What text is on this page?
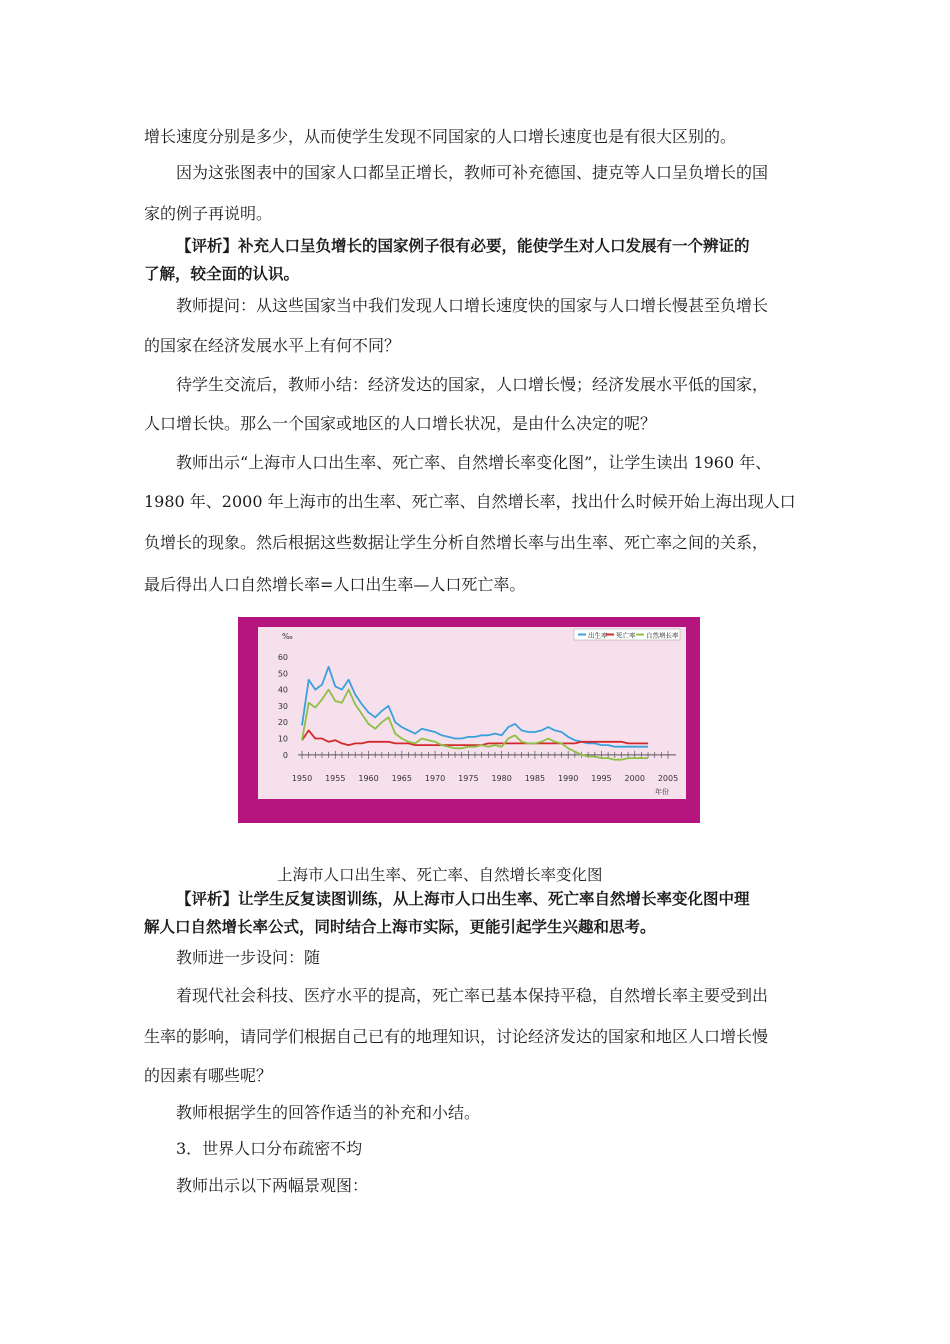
增长速度分别是多少，从而使学生发现不同国家的人口增长速度也是有很大区别的。
因为这张图表中的国家人口都呈正增长，教师可补充德国、捷克等人口呈负增长的国
家的例子再说明。
【评析】补充人口呈负增长的国家例子很有必要，能使学生对人口发展有一个辨证的
了解，较全面的认识。
教师提问：从这些国家当中我们发现人口增长速度快的国家与人口增长慢甚至负增长
的国家在经济发展水平上有何不同？
待学生交流后，教师小结：经济发达的国家，人口增长慢；经济发展水平低的国家，
人口增长快。那么一个国家或地区的人口增长状况，是由什么决定的呢？
教师出示“上海市人口出生率、死亡率、自然增长率变化图”，让学生读出 1960 年、
1980 年、2000 年上海市的出生率、死亡率、自然增长率，找出什么时候开始上海出现人口
负增长的现象。然后根据这些数据让学生分析自然增长率与出生率、死亡率之间的关系，
最后得出人口自然增长率=人口出生率—人口死亡率。
‰
0
10
20
30
40
50
60
1950 1955 1960 1965 1970 1975 1980 1985 1990 1995 2000 2005
年份
出生率 死亡率 自然增长率
上海市人口出生率、死亡率、自然增长率变化图
【评析】让学生反复读图训练，从上海市人口出生率、死亡率自然增长率变化图中理
解人口自然增长率公式，同时结合上海市实际，更能引起学生兴趣和思考。
教师进一步设问：随
着现代社会科技、医疗水平的提高，死亡率已基本保持平稳，自然增长率主要受到出
生率的影响，请同学们根据自己已有的地理知识，讨论经济发达的国家和地区人口增长慢
的因素有哪些呢？
教师根据学生的回答作适当的补充和小结。
3．世界人口分布疏密不均
教师出示以下两幅景观图：
